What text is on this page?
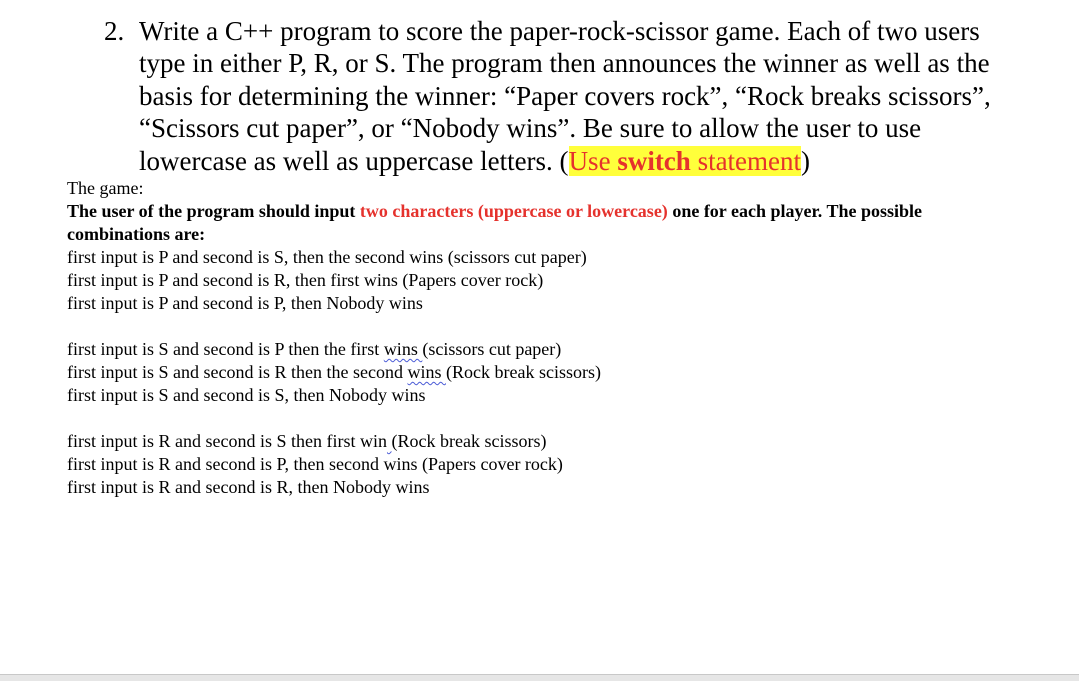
2. Write a C++ program to score the paper-rock-scissor game. Each of two users type in either P, R, or S. The program then announces the winner as well as the basis for determining the winner: “Paper covers rock”, “Rock breaks scissors”, “Scissors cut paper”, or “Nobody wins”. Be sure to allow the user to use lowercase as well as uppercase letters. (Use switch statement)
The game:
The user of the program should input two characters (uppercase or lowercase) one for each player. The possible combinations are:
first input is P and second is S, then the second wins (scissors cut paper)
first input is P and second is R, then first wins (Papers cover rock)
first input is P and second is P, then Nobody wins
first input is S and second is P then the first wins (scissors cut paper)
first input is S and second is R then the second wins (Rock break scissors)
first input is S and second is S, then Nobody wins
first input is R and second is S then first win (Rock break scissors)
first input is R and second is P, then second wins (Papers cover rock)
first input is R and second is R, then Nobody wins
